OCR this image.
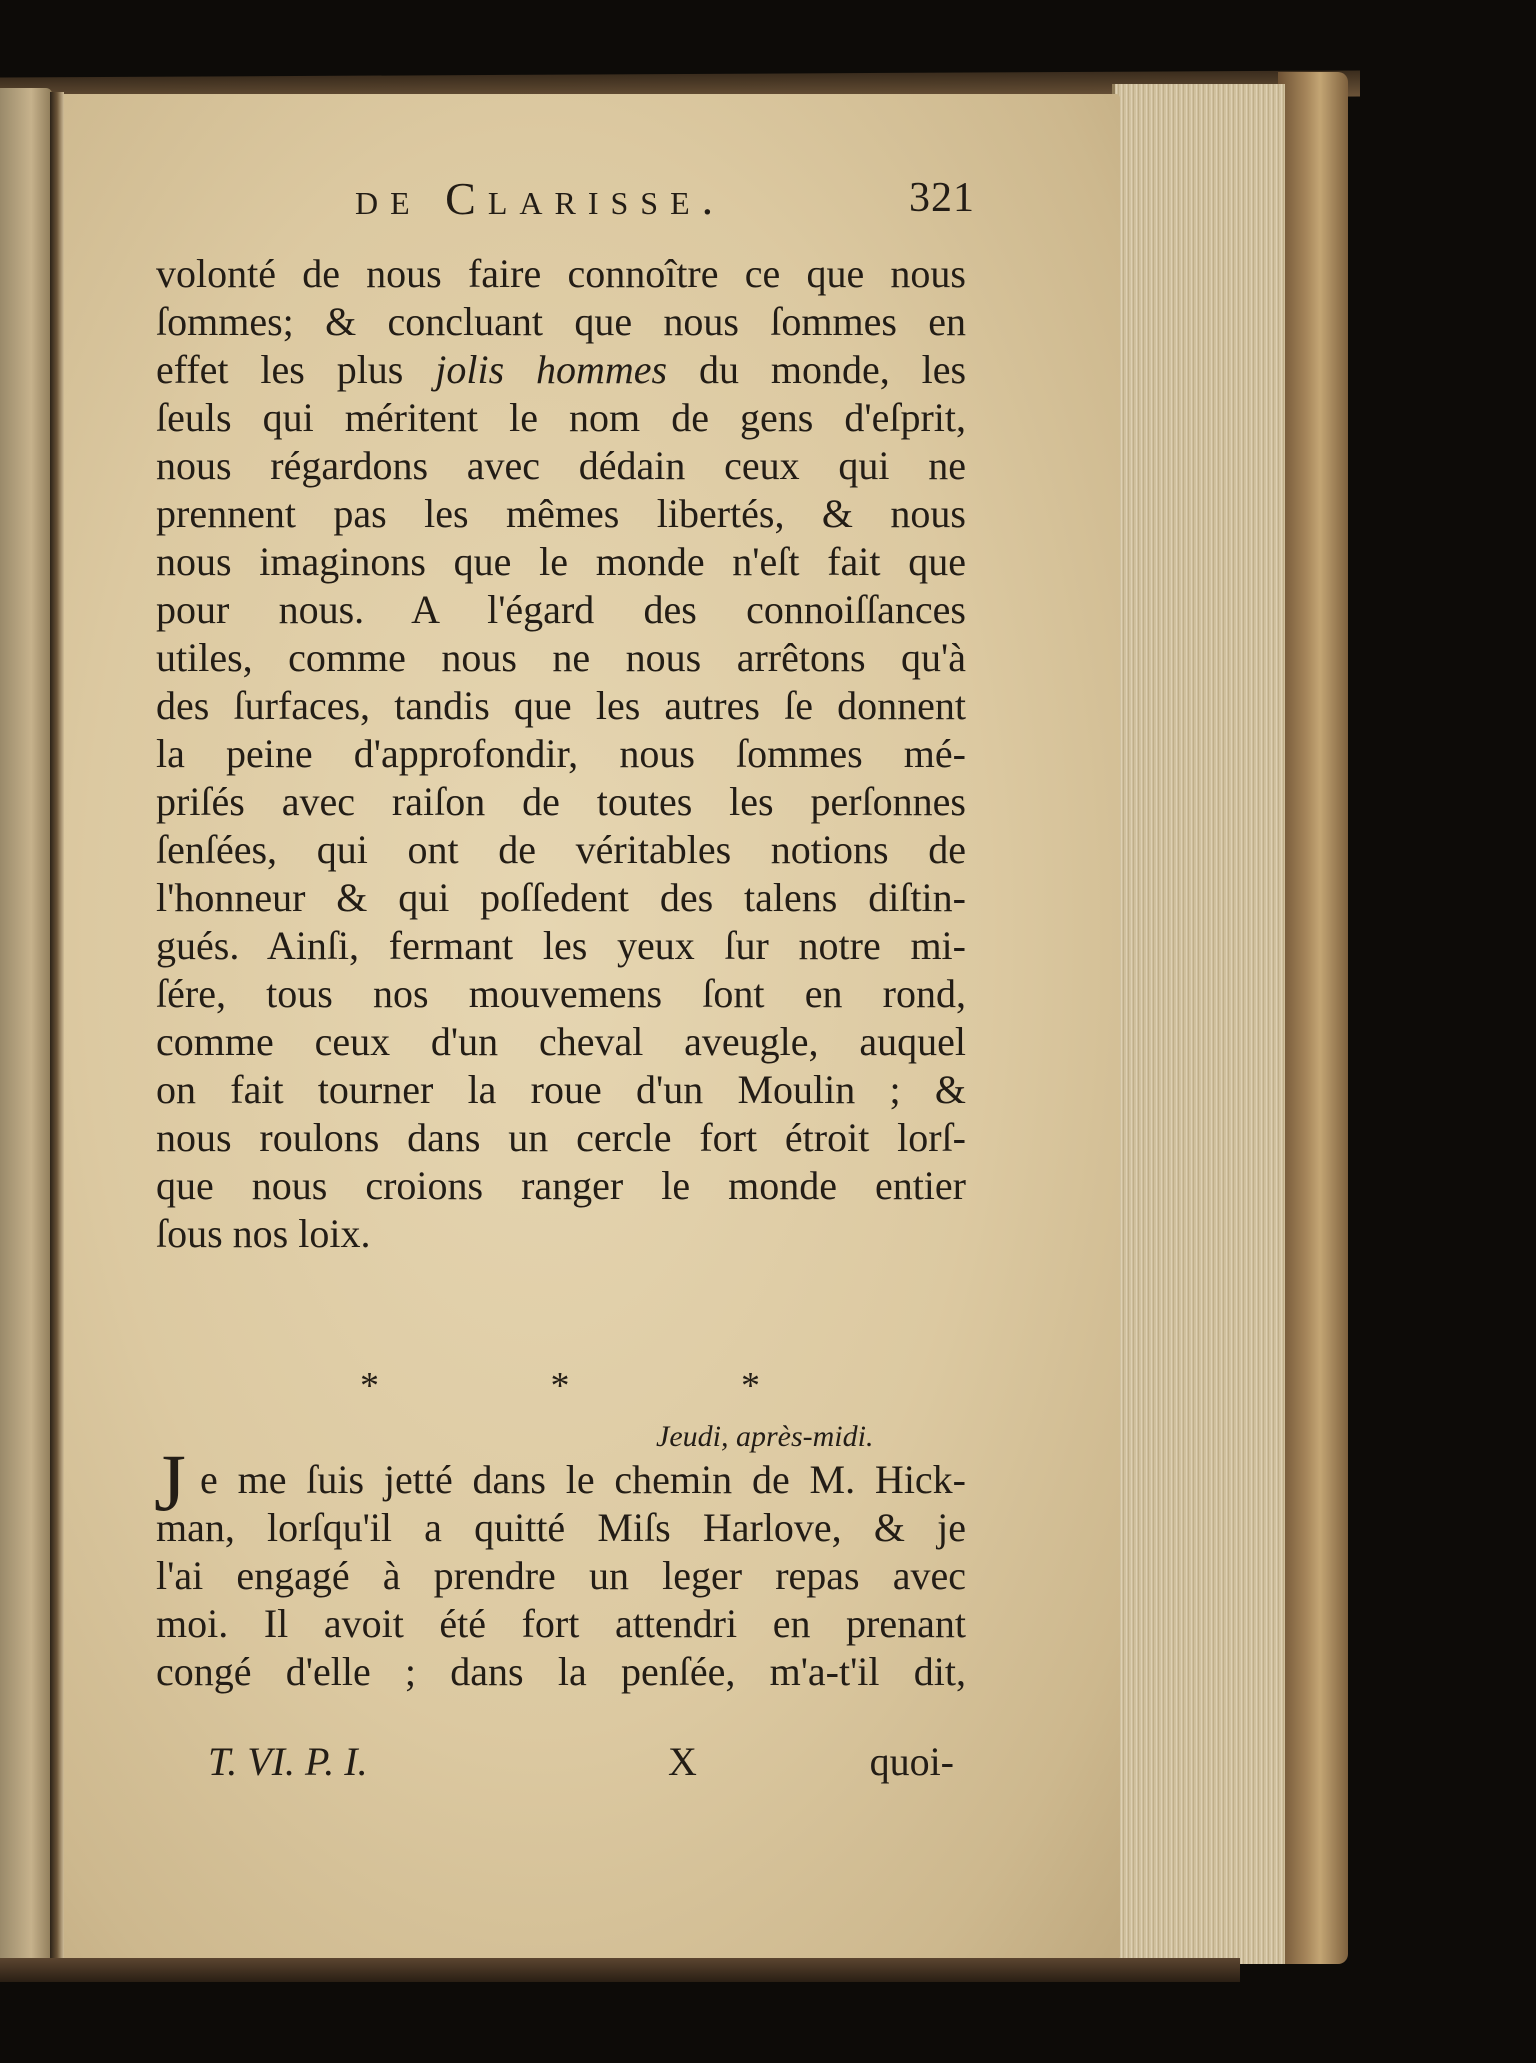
de Clarisse.	321
volonté de nous faire connoître ce que nous
ſommes; & concluant que nous ſommes en
effet les plus jolis hommes du monde, les
ſeuls qui méritent le nom de gens d'eſprit,
nous régardons avec dédain ceux qui ne
prennent pas les mêmes libertés, & nous
nous imaginons que le monde n'eſt fait que
pour nous. A l'égard des connoiſſances
utiles, comme nous ne nous arrêtons qu'à
des ſurfaces, tandis que les autres ſe donnent
la peine d'approfondir, nous ſommes mé-
priſés avec raiſon de toutes les perſonnes
ſenſées, qui ont de véritables notions de
l'honneur & qui poſſedent des talens diſtin-
gués. Ainſi, fermant les yeux ſur notre mi-
ſére, tous nos mouvemens ſont en rond,
comme ceux d'un cheval aveugle, auquel
on fait tourner la roue d'un Moulin ; &
nous roulons dans un cercle fort étroit lorſ-
que nous croions ranger le monde entier
ſous nos loix.
*	*	*
Jeudi, après-midi.
J e me ſuis jetté dans le chemin de M. Hick-
man, lorſqu'il a quitté Miſs Harlove, & je
l'ai engagé à prendre un leger repas avec
moi. Il avoit été fort attendri en prenant
congé d'elle ; dans la penſée, m'a-t'il dit,
T. VI. P. I.	X	quoi-
